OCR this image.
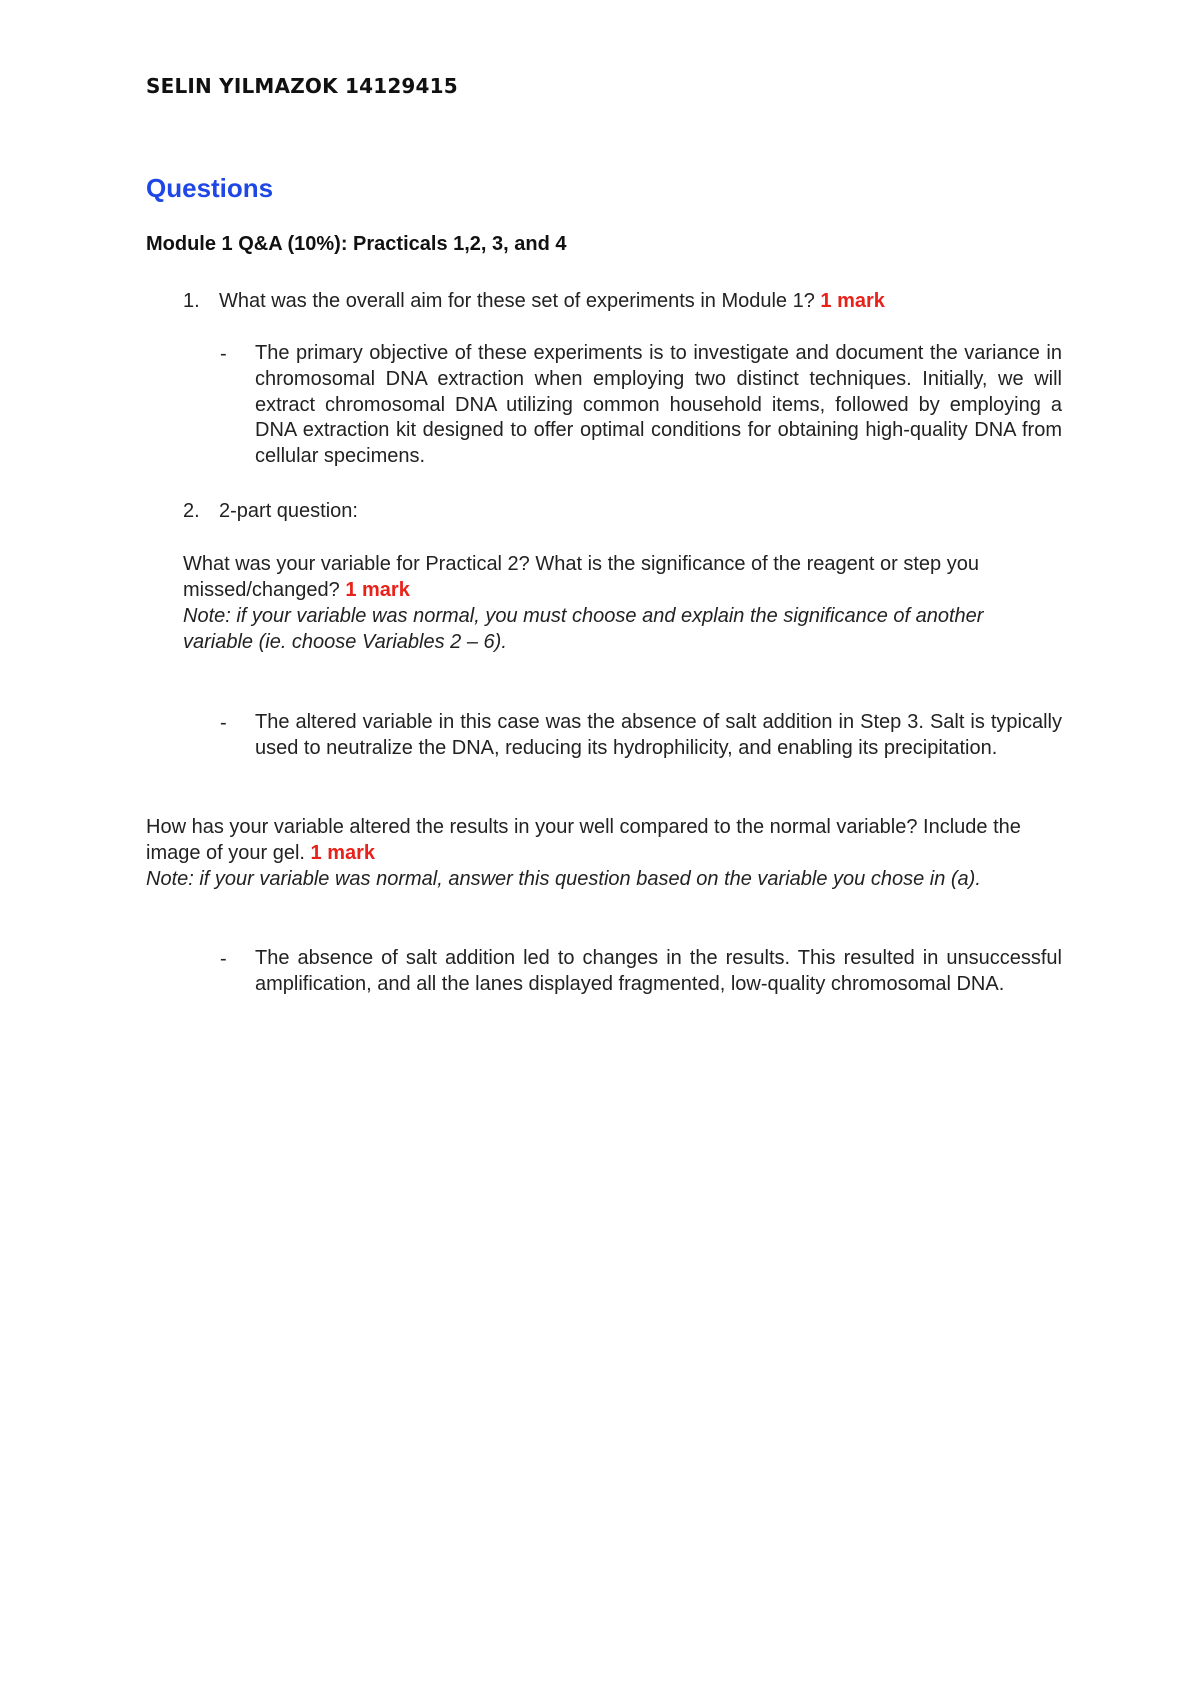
SELIN YILMAZOK 14129415
Questions
Module 1 Q&A (10%): Practicals 1,2, 3, and 4
1. What was the overall aim for these set of experiments in Module 1? 1 mark
- The primary objective of these experiments is to investigate and document the variance in chromosomal DNA extraction when employing two distinct techniques. Initially, we will extract chromosomal DNA utilizing common household items, followed by employing a DNA extraction kit designed to offer optimal conditions for obtaining high-quality DNA from cellular specimens.
2. 2-part question:
What was your variable for Practical 2? What is the significance of the reagent or step you missed/changed? 1 mark
Note: if your variable was normal, you must choose and explain the significance of another variable (ie. choose Variables 2 – 6).
- The altered variable in this case was the absence of salt addition in Step 3. Salt is typically used to neutralize the DNA, reducing its hydrophilicity, and enabling its precipitation.
How has your variable altered the results in your well compared to the normal variable? Include the image of your gel. 1 mark
Note: if your variable was normal, answer this question based on the variable you chose in (a).
- The absence of salt addition led to changes in the results. This resulted in unsuccessful amplification, and all the lanes displayed fragmented, low-quality chromosomal DNA.
